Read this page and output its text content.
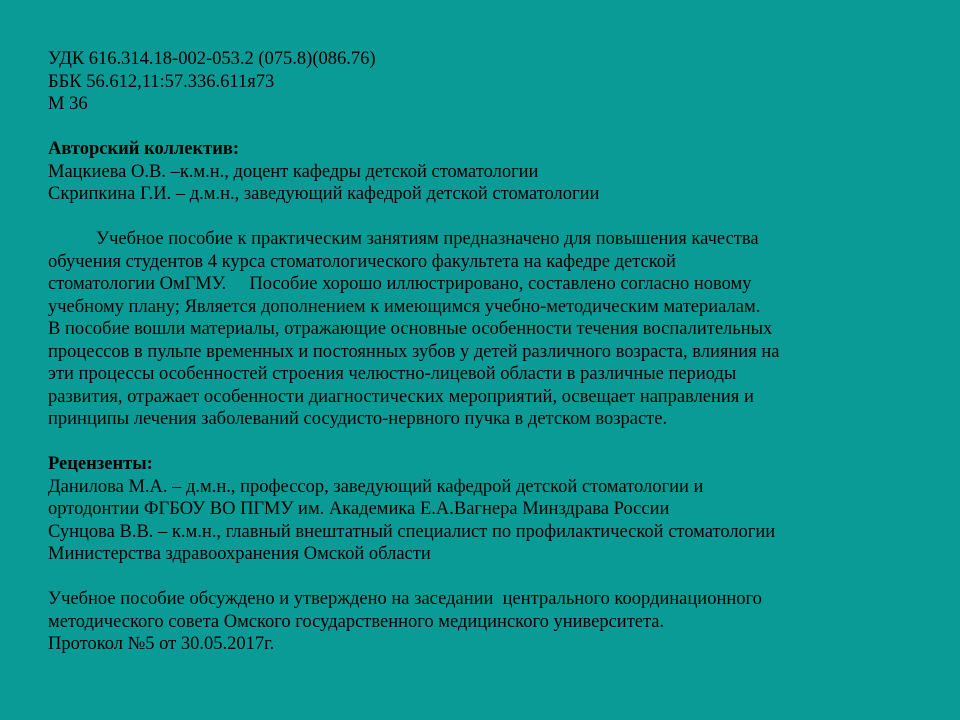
УДК 616.314.18-002-053.2 (075.8)(086.76)
ББК 56.612,11:57.336.611я73
М 36
Авторский коллектив:
Мацкиева О.В. –к.м.н., доцент кафедры детской стоматологии
Скрипкина Г.И. – д.м.н., заведующий кафедрой детской стоматологии
Учебное пособие к практическим занятиям предназначено для повышения качества
обучения студентов 4 курса стоматологического факультета на кафедре детской
стоматологии ОмГМУ.     Пособие хорошо иллюстрировано, составлено согласно новому
учебному плану; Является дополнением к имеющимся учебно-методическим материалам.
В пособие вошли материалы, отражающие основные особенности течения воспалительных
процессов в пульпе временных и постоянных зубов у детей различного возраста, влияния на
эти процессы особенностей строения челюстно-лицевой области в различные периоды
развития, отражает особенности диагностических мероприятий, освещает направления и
принципы лечения заболеваний сосудисто-нервного пучка в детском возрасте.
Рецензенты:
Данилова М.А. – д.м.н., профессор, заведующий кафедрой детской стоматологии и
ортодонтии ФГБОУ ВО ПГМУ им. Академика Е.А.Вагнера Минздрава России
Сунцова В.В. – к.м.н., главный внештатный специалист по профилактической стоматологии
Министерства здравоохранения Омской области
Учебное пособие обсуждено и утверждено на заседании  центрального координационного
методического совета Омского государственного медицинского университета.
Протокол №5 от 30.05.2017г.
